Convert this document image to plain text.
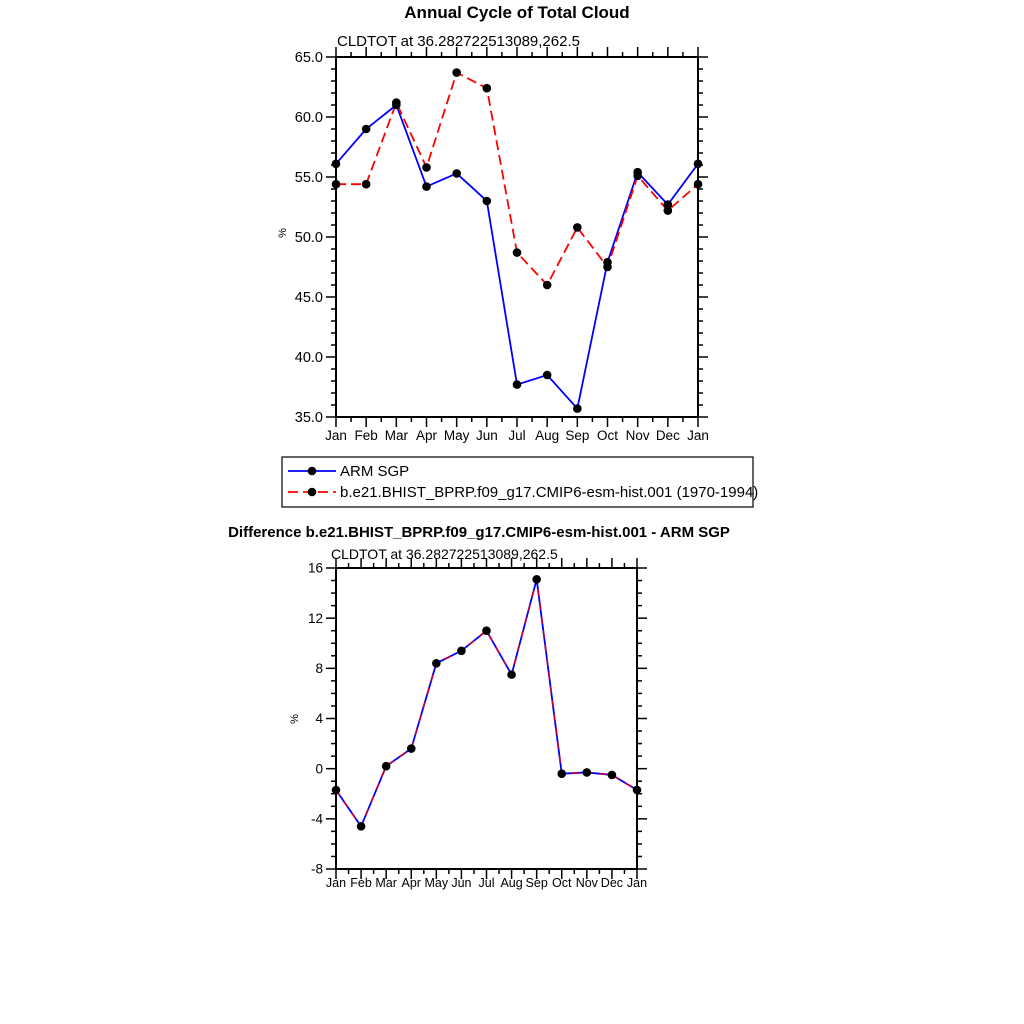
Annual Cycle of Total Cloud
CLDTOT at 36.282722513089,262.5
%
65.0
60.0
55.0
50.0
45.0
40.0
35.0
Jan Feb Mar Apr May Jun Jul Aug Sep Oct Nov Dec Jan
ARM SGP
b.e21.BHIST_BPRP.f09_g17.CMIP6-esm-hist.001 (1970-1994)
Difference b.e21.BHIST_BPRP.f09_g17.CMIP6-esm-hist.001 - ARM SGP
CLDTOT at 36.282722513089,262.5
%
16
12
8
4
0
-4
-8
Jan Feb Mar Apr May Jun Jul Aug Sep Oct Nov Dec Jan
